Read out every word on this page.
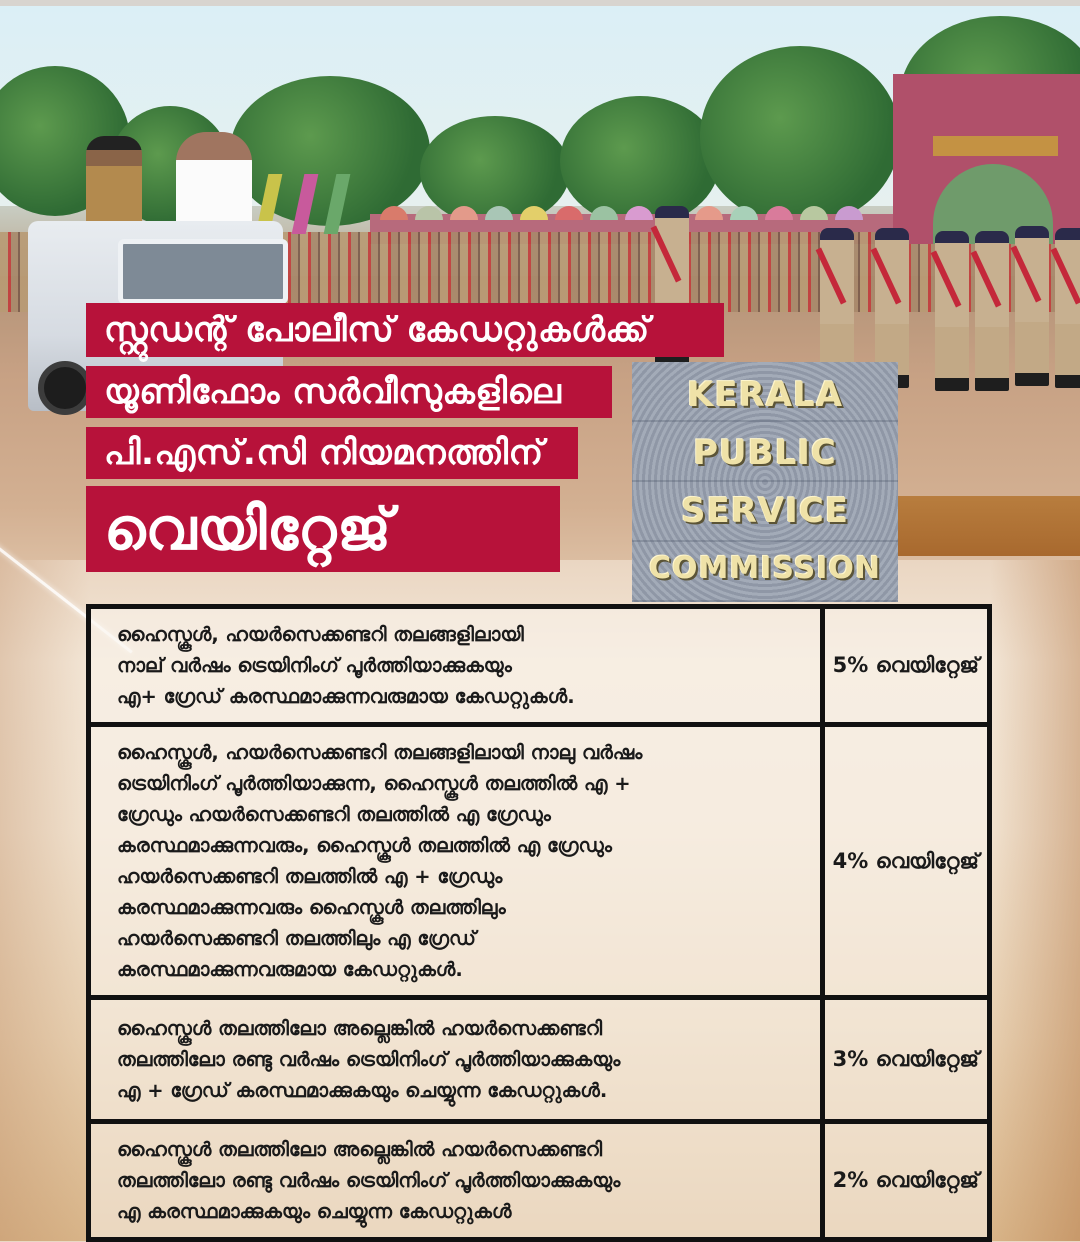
KERALA
PUBLIC
SERVICE
COMMISSION
സ്റ്റുഡന്റ് പോലീസ് കേഡറ്റുകൾക്ക്
യൂണിഫോം സർവീസുകളിലെ
പി.എസ്.സി നിയമനത്തിന്
വെയിറ്റേജ്
ഹൈസ്കൂൾ, ഹയർസെക്കണ്ടറി തലങ്ങളിലായി
നാല് വർഷം ട്രെയിനിംഗ് പൂർത്തിയാക്കുകയും
എ+ ഗ്രേഡ് കരസ്ഥമാക്കുന്നവരുമായ കേഡറ്റുകൾ.	5% വെയിറ്റേജ്

ഹൈസ്കൂൾ, ഹയർസെക്കണ്ടറി തലങ്ങളിലായി നാലു വർഷം
ട്രെയിനിംഗ് പൂർത്തിയാക്കുന്ന, ഹൈസ്കൂൾ തലത്തിൽ എ +
ഗ്രേഡും ഹയർസെക്കണ്ടറി തലത്തിൽ എ ഗ്രേഡും
കരസ്ഥമാക്കുന്നവരും, ഹൈസ്കൂൾ തലത്തിൽ എ ഗ്രേഡും
ഹയർസെക്കണ്ടറി തലത്തിൽ എ + ഗ്രേഡും
കരസ്ഥമാക്കുന്നവരും ഹൈസ്കൂൾ തലത്തിലും
ഹയർസെക്കണ്ടറി തലത്തിലും എ ഗ്രേഡ്
കരസ്ഥമാക്കുന്നവരുമായ കേഡറ്റുകൾ.
	4% വെയിറ്റേജ്

ഹൈസ്കൂൾ തലത്തിലോ അല്ലെങ്കിൽ ഹയർസെക്കണ്ടറി
തലത്തിലോ രണ്ടു വർഷം ട്രെയിനിംഗ് പൂർത്തിയാക്കുകയും
എ + ഗ്രേഡ് കരസ്ഥമാക്കുകയും ചെയ്യുന്ന കേഡറ്റുകൾ.	3% വെയിറ്റേജ്

ഹൈസ്കൂൾ തലത്തിലോ അല്ലെങ്കിൽ ഹയർസെക്കണ്ടറി
തലത്തിലോ രണ്ടു വർഷം ട്രെയിനിംഗ് പൂർത്തിയാക്കുകയും
എ കരസ്ഥമാക്കുകയും ചെയ്യുന്ന കേഡറ്റുകൾ	2% വെയിറ്റേജ്
